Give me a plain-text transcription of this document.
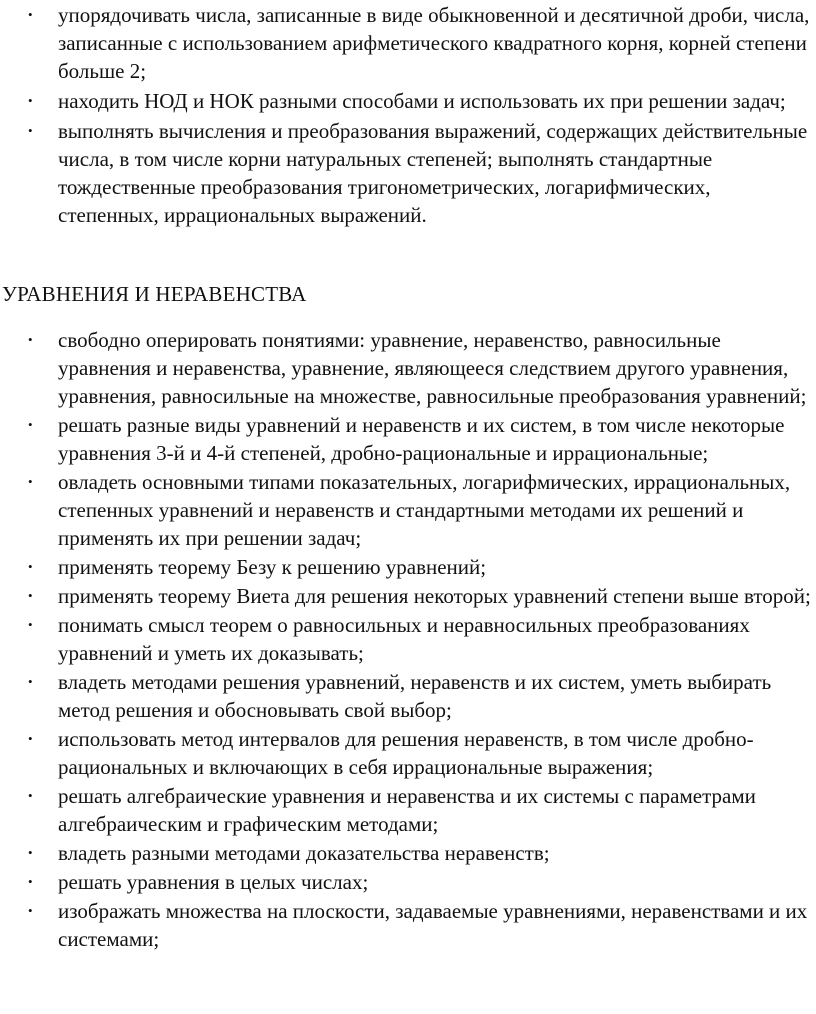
• упорядочивать числа, записанные в виде обыкновенной и десятичной дроби, числа, записанные с использованием арифметического квадратного корня, корней степени больше 2;
• находить НОД и НОК разными способами и использовать их при решении задач;
• выполнять вычисления и преобразования выражений, содержащих действительные числа, в том числе корни натуральных степеней; выполнять стандартные тождественные преобразования тригонометрических, логарифмических, степенных, иррациональных выражений.
УРАВНЕНИЯ И НЕРАВЕНСТВА
• свободно оперировать понятиями: уравнение, неравенство, равносильные уравнения и неравенства, уравнение, являющееся следствием другого уравнения, уравнения, равносильные на множестве, равносильные преобразования уравнений;
• решать разные виды уравнений и неравенств и их систем, в том числе некоторые уравнения 3-й и 4-й степеней, дробно-рациональные и иррациональные;
• овладеть основными типами показательных, логарифмических, иррациональных, степенных уравнений и неравенств и стандартными методами их решений и применять их при решении задач;
• применять теорему Безу к решению уравнений;
• применять теорему Виета для решения некоторых уравнений степени выше второй;
• понимать смысл теорем о равносильных и неравносильных преобразованиях уравнений и уметь их доказывать;
• владеть методами решения уравнений, неравенств и их систем, уметь выбирать метод решения и обосновывать свой выбор;
• использовать метод интервалов для решения неравенств, в том числе дробно-рациональных и включающих в себя иррациональные выражения;
• решать алгебраические уравнения и неравенства и их системы с параметрами алгебраическим и графическим методами;
• владеть разными методами доказательства неравенств;
• решать уравнения в целых числах;
• изображать множества на плоскости, задаваемые уравнениями, неравенствами и их системами;
